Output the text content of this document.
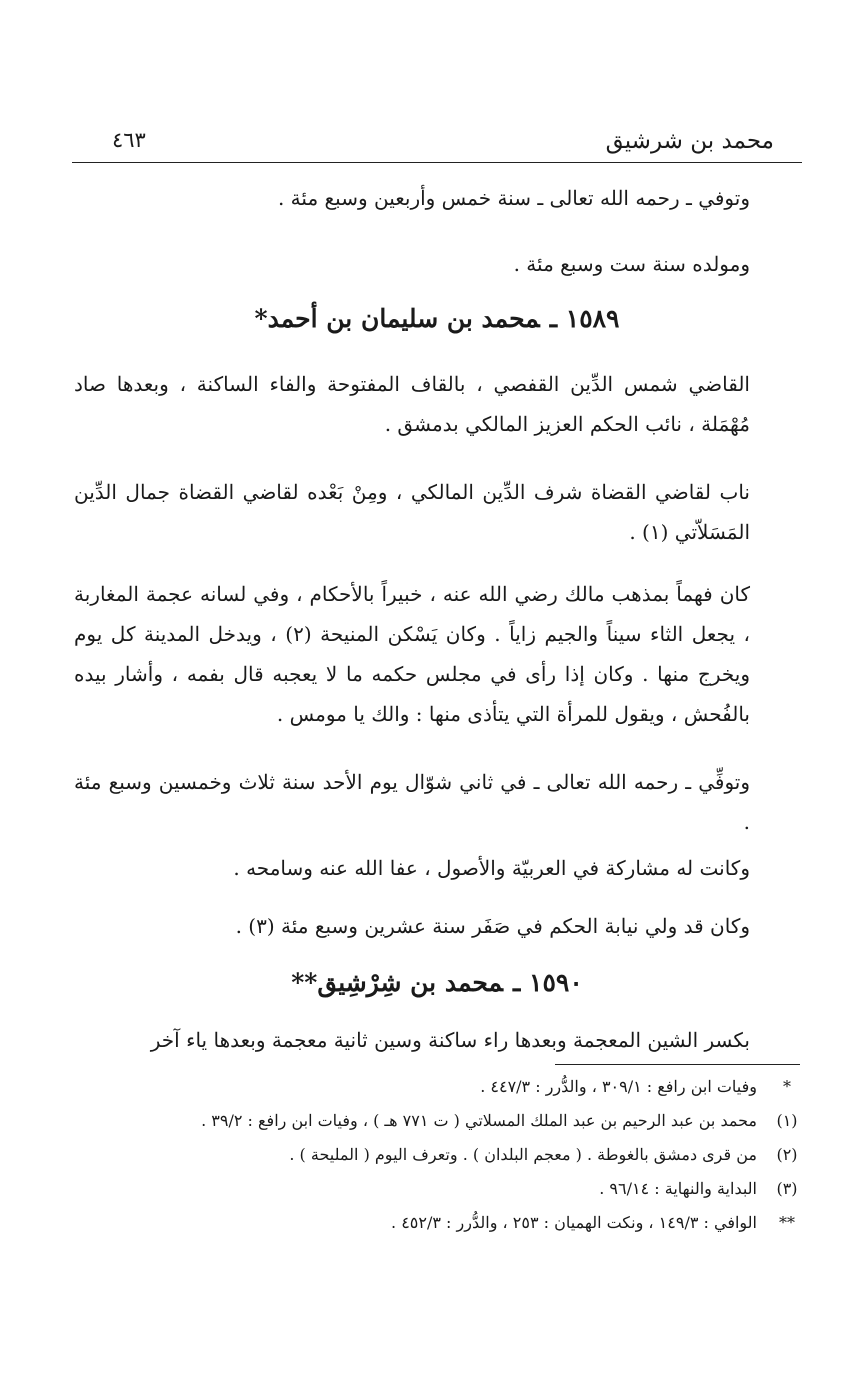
محمد بن شرشيق
٤٦٣

وتوفي ـ رحمه الله تعالى ـ سنة خمس وأربعين وسبع مئة .

ومولده سنة ست وسبع مئة .

١٥٨٩ ـمحمد بن سليمان بن أحمد*

القاضي شمس الدِّين القفصي ، بالقاف المفتوحة والفاء الساكنة ، وبعدها صاد مُهْمَلة ، نائب الحكم العزيز المالكي بدمشق .

ناب لقاضي القضاة شرف الدِّين المالكي ، ومِنْ بَعْده لقاضي القضاة جمال الدِّين المَسَلاّتي (١) .

كان فهماً بمذهب مالك رضي الله عنه ، خبيراً بالأحكام ، وفي لسانه عجمة المغاربة ، يجعل الثاء سيناً والجيم زاياً . وكان يَسْكن المنيحة (٢) ، ويدخل المدينة كل يوم ويخرج منها . وكان إذا رأى في مجلس حكمه ما لا يعجبه قال بفمه ، وأشار بيده بالفُحش ، ويقول للمرأة التي يتأذى منها : والك يا مومس .

وتوفِّي ـ رحمه الله تعالى ـ في ثاني شوّال يوم الأحد سنة ثلاث وخمسين وسبع مئة .

وكانت له مشاركة في العربيّة والأصول ، عفا الله عنه وسامحه .

وكان قد ولي نيابة الحكم في صَفَر سنة عشرين وسبع مئة (٣) .

١٥٩٠ ـمحمد بن شِرْشِيق**

بكسر الشين المعجمة وبعدها راء ساكنة وسين ثانية معجمة وبعدها ياء آخر

*
وفيات ابن رافع : ٣٠٩/١ ، والدُّرر : ٤٤٧/٣ .
(١)
محمد بن عبد الرحيم بن عبد الملك المسلاتي ( ت ٧٧١ هـ ) ، وفيات ابن رافع : ٣٩/٢ .
(٢)
من قرى دمشق بالغوطة . ( معجم البلدان ) . وتعرف اليوم ( المليحة ) .
(٣)
البداية والنهاية : ٩٦/١٤ .
**
الوافي : ١٤٩/٣ ، ونكت الهميان : ٢٥٣ ، والدُّرر : ٤٥٢/٣ .
